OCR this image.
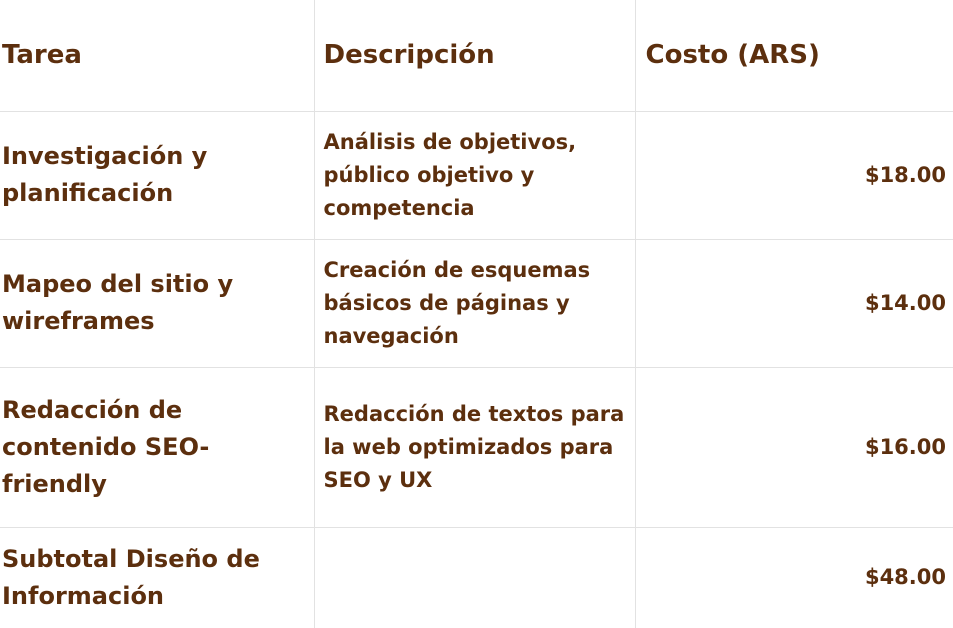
Tarea	Descripción	Costo (ARS)
Investigación y planificación	Análisis de objetivos, público objetivo y competencia	$18.00
Mapeo del sitio y wireframes	Creación de esquemas básicos de páginas y navegación	$14.00
Redacción de contenido SEO-friendly	Redacción de textos para la web optimizados para SEO y UX	$16.00
Subtotal Diseño de Información		$48.00
